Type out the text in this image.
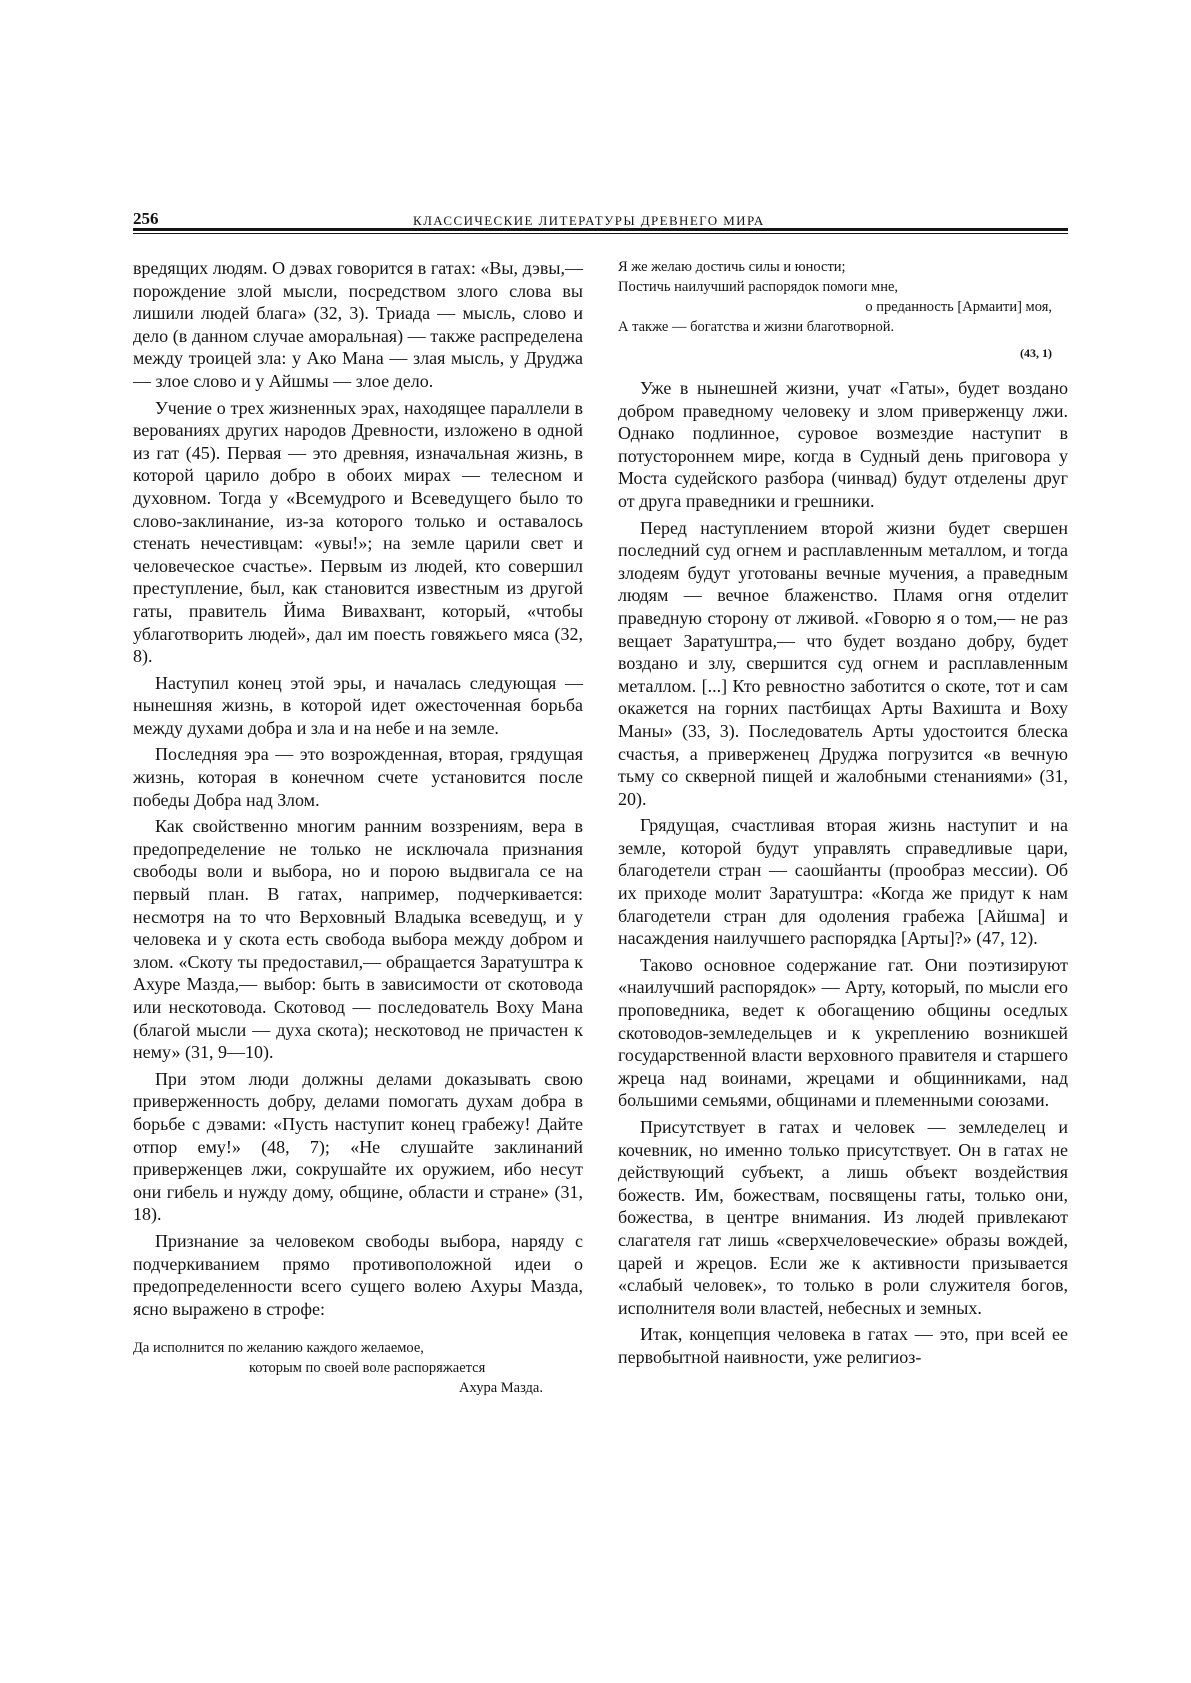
256	КЛАССИЧЕСКИЕ ЛИТЕРАТУРЫ ДРЕВНЕГО МИРА

вредящих людям. О дэвах говорится в гатах: «Вы, дэвы,— порождение злой мысли, посредством злого слова вы лишили людей блага» (32, 3). Триада — мысль, слово и дело (в данном случае аморальная) — также распределена между троицей зла: у Ако Мана — злая мысль, у Друджа — злое слово и у Айшмы — злое дело.

Учение о трех жизненных эрах, находящее параллели в верованиях других народов Древности, изложено в одной из гат (45). Первая — это древняя, изначальная жизнь, в которой царило добро в обоих мирах — телесном и духовном. Тогда у «Всемудрого и Всеведущего было то слово-заклинание, из-за которого только и оставалось стенать нечестивцам: «увы!»; на земле царили свет и человеческое счастье». Первым из людей, кто совершил преступление, был, как становится известным из другой гаты, правитель Йима Вивахвант, который, «чтобы ублаготворить людей», дал им поесть говяжьего мяса (32, 8).

Наступил конец этой эры, и началась следующая — нынешняя жизнь, в которой идет ожесточенная борьба между духами добра и зла и на небе и на земле.

Последняя эра — это возрожденная, вторая, грядущая жизнь, которая в конечном счете установится после победы Добра над Злом.

Как свойственно многим ранним воззрениям, вера в предопределение не только не исключала признания свободы воли и выбора, но и порою выдвигала се на первый план. В гатах, например, подчеркивается: несмотря на то что Верховный Владыка всеведущ, и у человека и у скота есть свобода выбора между добром и злом. «Скоту ты предоставил,— обращается Заратуштра к Ахуре Мазда,— выбор: быть в зависимости от скотовода или нескотовода. Скотовод — последователь Воху Мана (благой мысли — духа скота); нескотовод не причастен к нему» (31, 9—10).

При этом люди должны делами доказывать свою приверженность добру, делами помогать духам добра в борьбе с дэвами: «Пусть наступит конец грабежу! Дайте отпор ему!» (48, 7); «Не слушайте заклинаний приверженцев лжи, сокрушайте их оружием, ибо несут они гибель и нужду дому, общине, области и стране» (31, 18).

Признание за человеком свободы выбора, наряду с подчеркиванием прямо противоположной идеи о предопределенности всего сущего волею Ахуры Мазда, ясно выражено в строфе:

Да исполнится по желанию каждого желаемое,
которым по своей воле распоряжается
Ахура Мазда.
Я же желаю достичь силы и юности;
Постичь наилучший распорядок помоги мне,
о преданность [Армаити] моя,
А также — богатства и жизни благотворной.
(43, 1)

Уже в нынешней жизни, учат «Гаты», будет воздано добром праведному человеку и злом приверженцу лжи. Однако подлинное, суровое возмездие наступит в потустороннем мире, когда в Судный день приговора у Моста судейского разбора (чинвад) будут отделены друг от друга праведники и грешники.

Перед наступлением второй жизни будет свершен последний суд огнем и расплавленным металлом, и тогда злодеям будут уготованы вечные мучения, а праведным людям — вечное блаженство. Пламя огня отделит праведную сторону от лживой. «Говорю я о том,— не раз вещает Заратуштра,— что будет воздано добру, будет воздано и злу, свершится суд огнем и расплавленным металлом. [...] Кто ревностно заботится о скоте, тот и сам окажется на горних пастбищах Арты Вахишта и Воху Маны» (33, 3). Последователь Арты удостоится блеска счастья, а приверженец Друджа погрузится «в вечную тьму со скверной пищей и жалобными стенаниями» (31, 20).

Грядущая, счастливая вторая жизнь наступит и на земле, которой будут управлять справедливые цари, благодетели стран — саошйанты (прообраз мессии). Об их приходе молит Заратуштра: «Когда же придут к нам благодетели стран для одоления грабежа [Айшма] и насаждения наилучшего распорядка [Арты]?» (47, 12).

Таково основное содержание гат. Они поэтизируют «наилучший распорядок» — Арту, который, по мысли его проповедника, ведет к обогащению общины оседлых скотоводов-земледельцев и к укреплению возникшей государственной власти верховного правителя и старшего жреца над воинами, жрецами и общинниками, над большими семьями, общинами и племенными союзами.

Присутствует в гатах и человек — земледелец и кочевник, но именно только присутствует. Он в гатах не действующий субъект, а лишь объект воздействия божеств. Им, божествам, посвящены гаты, только они, божества, в центре внимания. Из людей привлекают слагателя гат лишь «сверхчеловеческие» образы вождей, царей и жрецов. Если же к активности призывается «слабый человек», то только в роли служителя богов, исполнителя воли властей, небесных и земных.

Итак, концепция человека в гатах — это, при всей ее первобытной наивности, уже религиоз-
